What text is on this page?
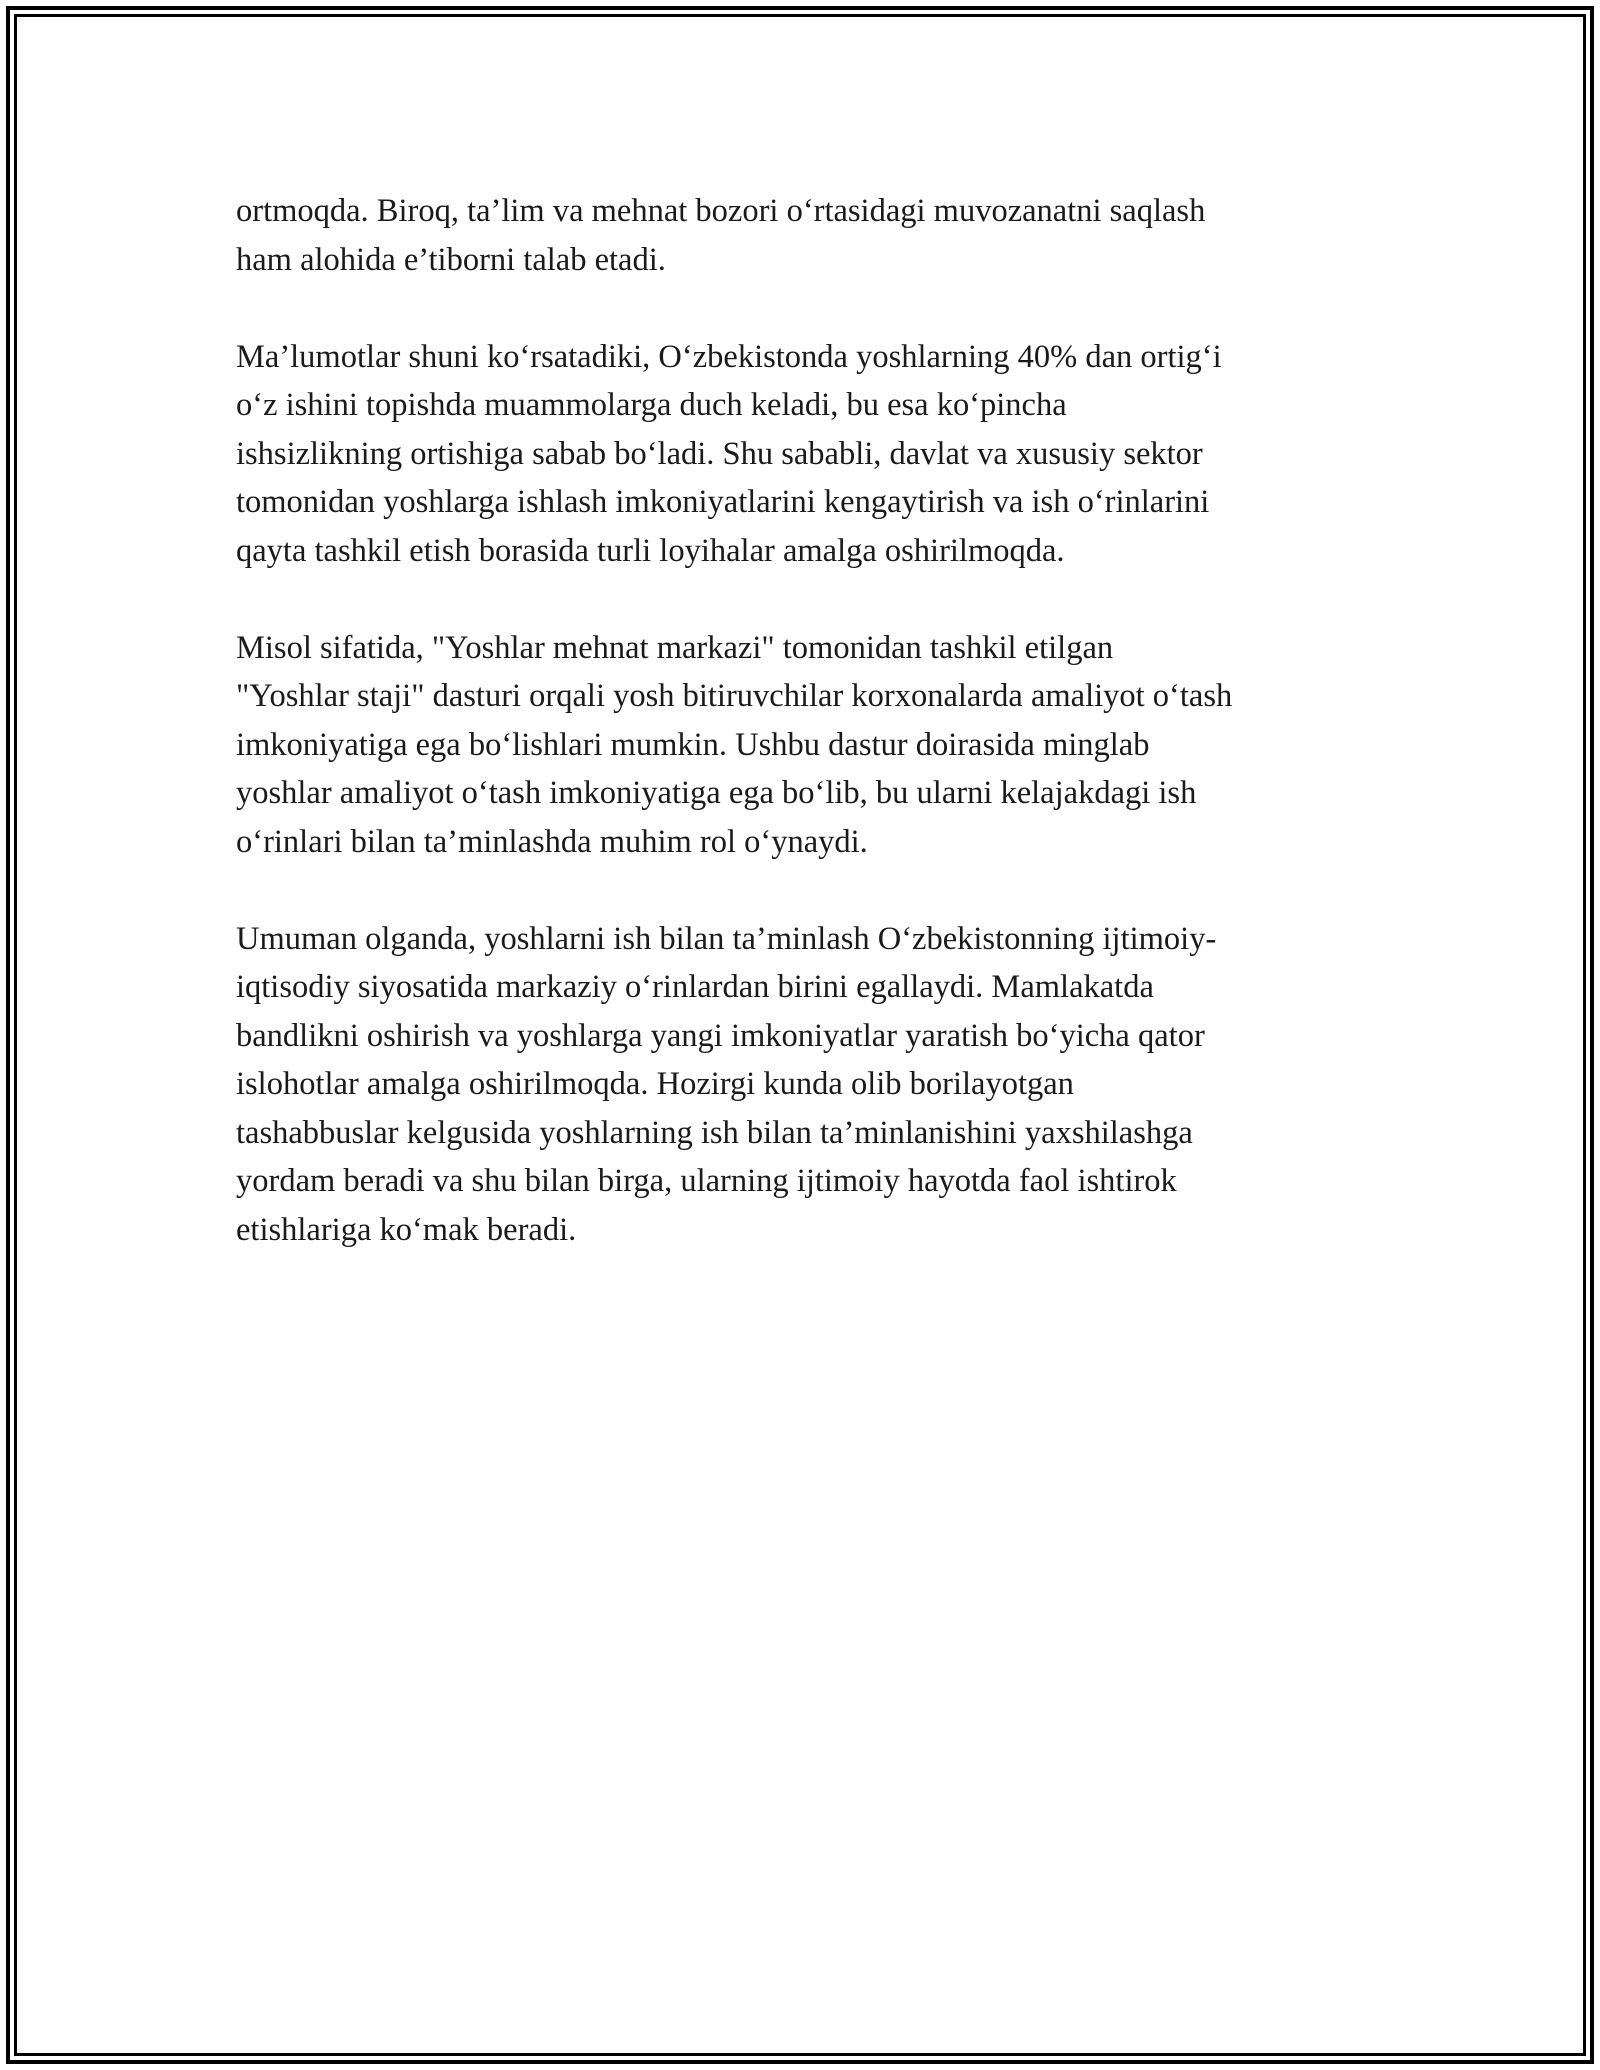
ortmoqda. Biroq, ta’lim va mehnat bozori o‘rtasidagi muvozanatni saqlash
ham alohida e’tiborni talab etadi.
Ma’lumotlar shuni ko‘rsatadiki, O‘zbekistonda yoshlarning 40% dan ortig‘i
o‘z ishini topishda muammolarga duch keladi, bu esa ko‘pincha
ishsizlikning ortishiga sabab bo‘ladi. Shu sababli, davlat va xususiy sektor
tomonidan yoshlarga ishlash imkoniyatlarini kengaytirish va ish o‘rinlarini
qayta tashkil etish borasida turli loyihalar amalga oshirilmoqda.
Misol sifatida, "Yoshlar mehnat markazi" tomonidan tashkil etilgan
"Yoshlar staji" dasturi orqali yosh bitiruvchilar korxonalarda amaliyot o‘tash
imkoniyatiga ega bo‘lishlari mumkin. Ushbu dastur doirasida minglab
yoshlar amaliyot o‘tash imkoniyatiga ega bo‘lib, bu ularni kelajakdagi ish
o‘rinlari bilan ta’minlashda muhim rol o‘ynaydi.
Umuman olganda, yoshlarni ish bilan ta’minlash O‘zbekistonning ijtimoiy-
iqtisodiy siyosatida markaziy o‘rinlardan birini egallaydi. Mamlakatda
bandlikni oshirish va yoshlarga yangi imkoniyatlar yaratish bo‘yicha qator
islohotlar amalga oshirilmoqda. Hozirgi kunda olib borilayotgan
tashabbuslar kelgusida yoshlarning ish bilan ta’minlanishini yaxshilashga
yordam beradi va shu bilan birga, ularning ijtimoiy hayotda faol ishtirok
etishlariga ko‘mak beradi.
